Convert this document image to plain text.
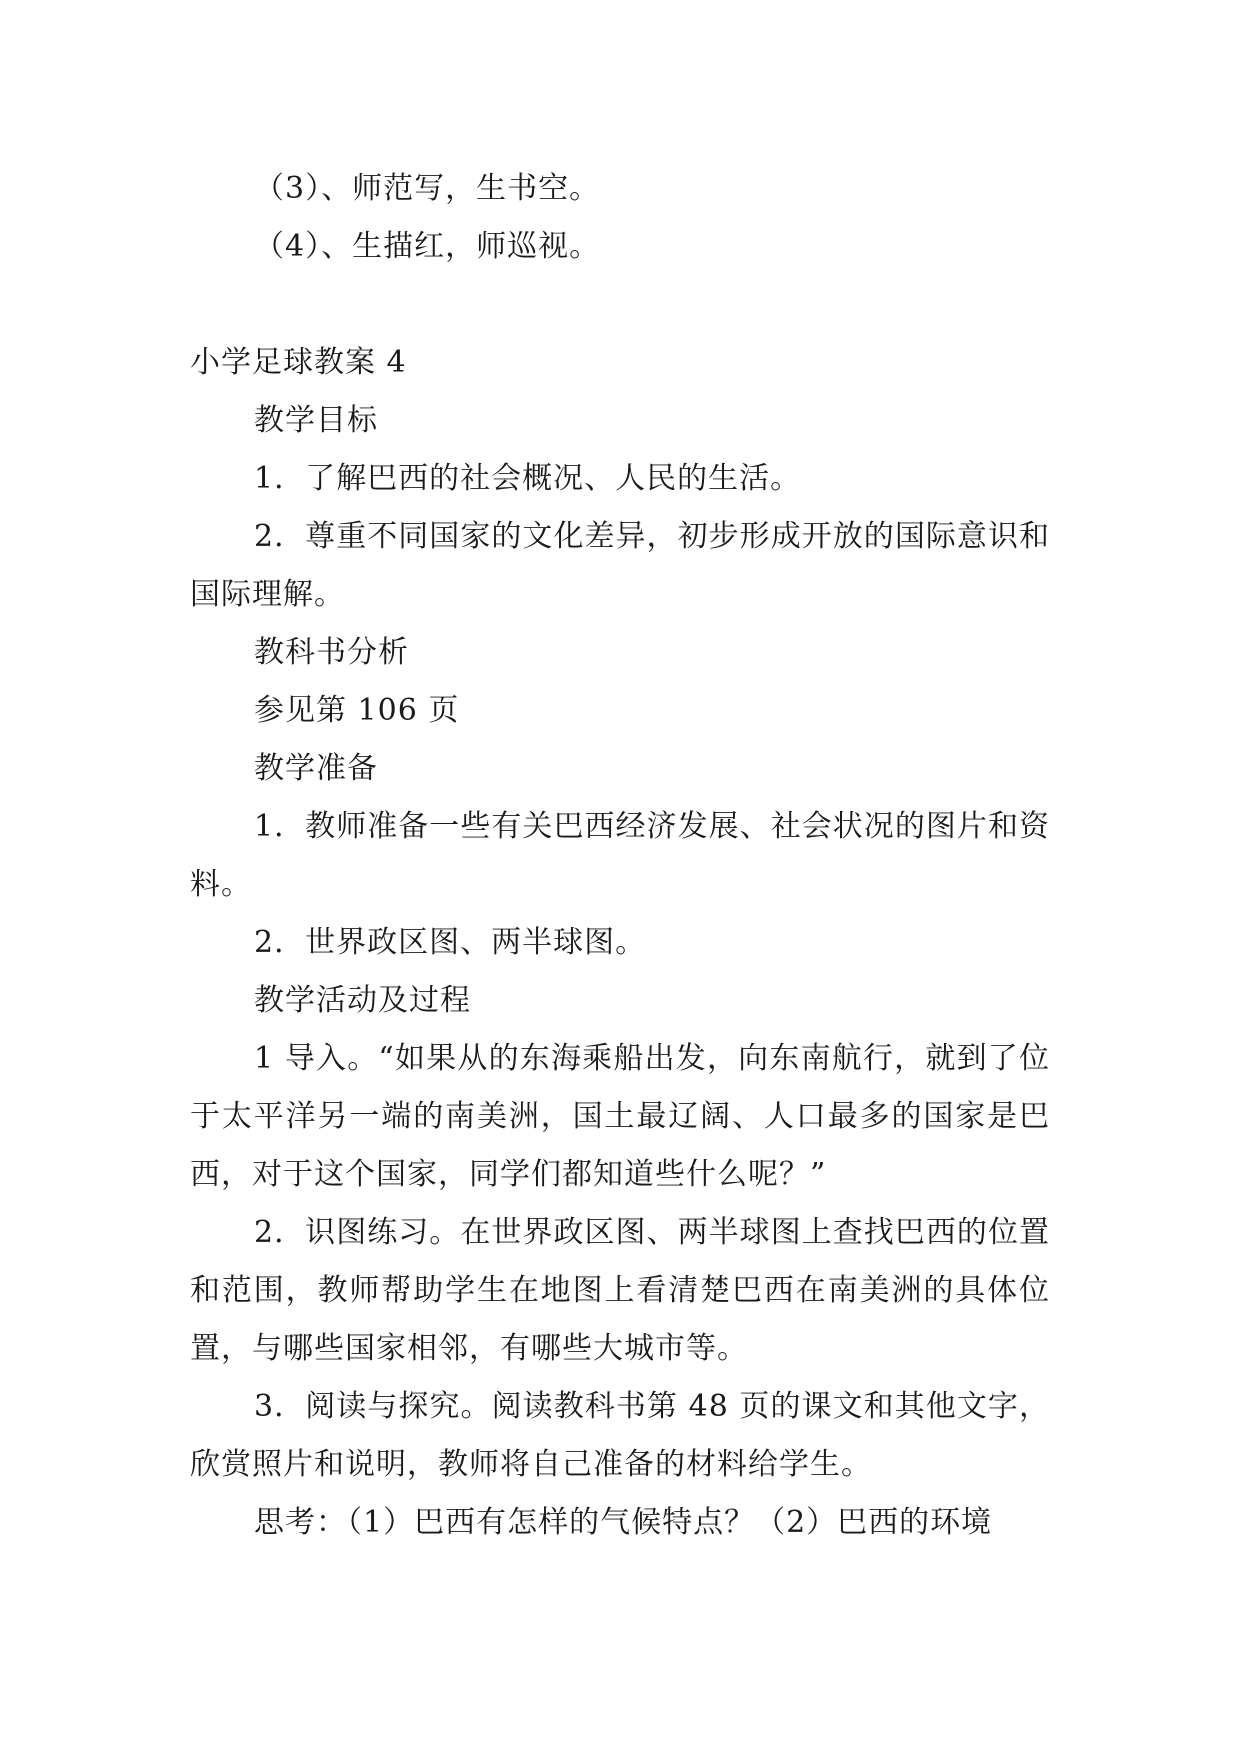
（3）、师范写，生书空。

（4）、生描红，师巡视。

小学足球教案 4

教学目标

1．了解巴西的社会概况、人民的生活。

2．尊重不同国家的文化差异，初步形成开放的国际意识和国际理解。

教科书分析

参见第 106 页

教学准备

1．教师准备一些有关巴西经济发展、社会状况的图片和资料。

2．世界政区图、两半球图。

教学活动及过程

1 导入。“如果从的东海乘船出发，向东南航行，就到了位于太平洋另一端的南美洲，国土最辽阔、人口最多的国家是巴西，对于这个国家，同学们都知道些什么呢？”

2．识图练习。在世界政区图、两半球图上查找巴西的位置和范围，教师帮助学生在地图上看清楚巴西在南美洲的具体位置，与哪些国家相邻，有哪些大城市等。

3．阅读与探究。阅读教科书第 48 页的课文和其他文字，欣赏照片和说明，教师将自己准备的材料给学生。

思考：（1）巴西有怎样的气候特点？（2）巴西的环境
